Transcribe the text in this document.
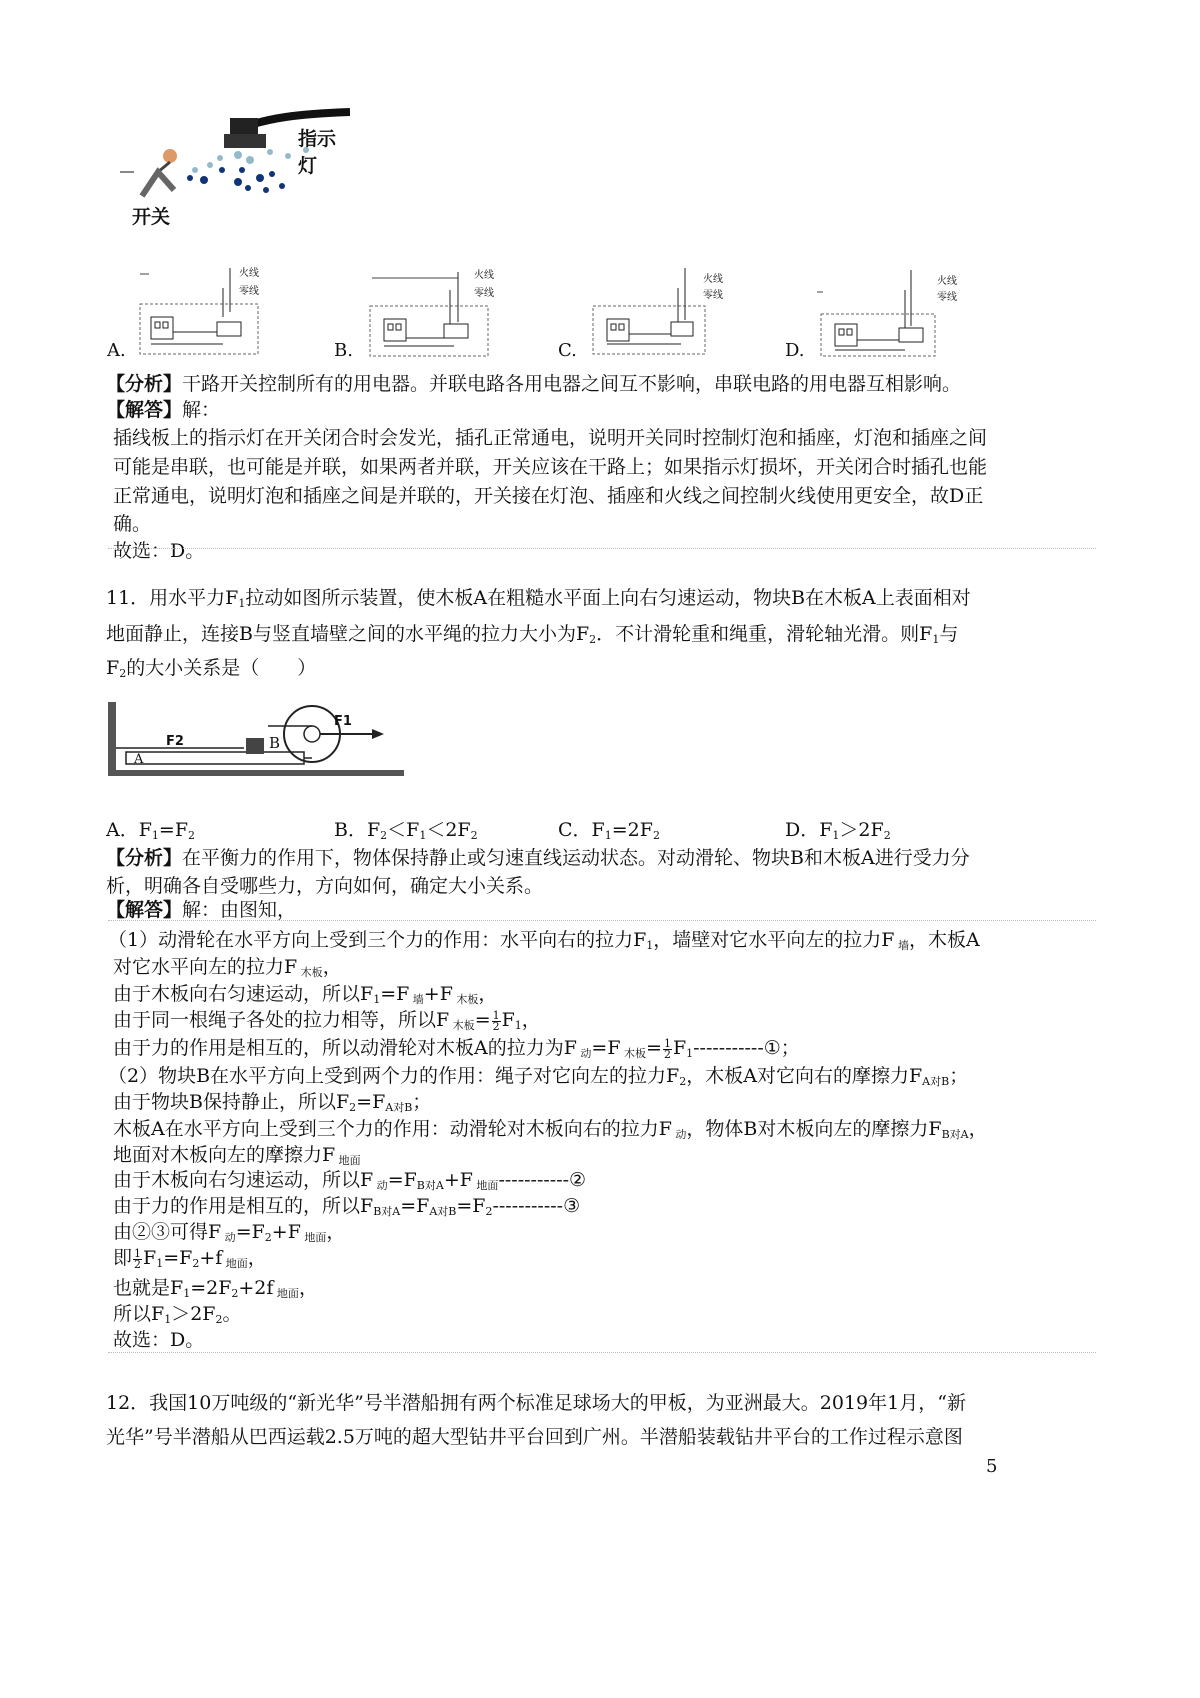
指示灯
开关
火线
零线
A.
火线
零线
B.
火线
零线
C.
火线
零线
D.
【分析】干路开关控制所有的用电器。并联电路各用电器之间互不影响，串联电路的用电器互相影响。
【解答】解：
插线板上的指示灯在开关闭合时会发光，插孔正常通电，说明开关同时控制灯泡和插座，灯泡和插座之间
可能是串联，也可能是并联，如果两者并联，开关应该在干路上；如果指示灯损坏，开关闭合时插孔也能
正常通电，说明灯泡和插座之间是并联的，开关接在灯泡、插座和火线之间控制火线使用更安全，故D正
确。
故选：D。
11．用水平力$F_1$拉动如图所示装置，使木板A在粗糙水平面上向右匀速运动，物块B在木板A上表面相对
地面静止，连接B与竖直墙壁之间的水平绳的拉力大小为$F_2$．不计滑轮重和绳重，滑轮轴光滑。则$F_1$与
$F_2$的大小关系是（　　）
F2	B
F1
A
A．$F_1=F_2$	B．$F_2<F_1<2F_2$	C．$F_1=2F_2$	D．$F_1>2F_2$
【分析】在平衡力的作用下，物体保持静止或匀速直线运动状态。对动滑轮、物块B和木板A进行受力分
析，明确各自受哪些力，方向如何，确定大小关系。
【解答】解：由图知，
（1）动滑轮在水平方向上受到三个力的作用：水平向右的拉力$F_1$，墙壁对它水平向左的拉力F $_墙$，木板A
对它水平向左的拉力F $_{木板}$，
由于木板向右匀速运动，所以$F_1=F$ $_墙$+F $_{木板}$，
由于同一根绳子各处的拉力相等，所以F $_{木板}= \frac{1}{2} F_1$，
由于力的作用是相互的，所以动滑轮对木板A的拉力为F $_动$=F $_{木板}= \frac{1}{2}$ $F_1-----------①$；
（2）物块B在水平方向上受到两个力的作用：绳子对它向左的拉力$F_2$，木板A对它向右的摩擦力$F_{A对B}$；
由于物块B保持静止，所以$F_2=F_{A对B}$；
木板A在水平方向上受到三个力的作用：动滑轮对木板向右的拉力F $_动$，物体B对木板向左的摩擦力$F_{B对A}$，
地面对木板向左的摩擦力F $_{地面}$
由于木板向右匀速运动，所以F $_动=F_{B对A}+F$ $_{地面}$-----------②
由于力的作用是相互的，所以$F_{B对A}=F_{A对B}=F_2-----------③$
由②③可得F $_动=F_2+F$ $_{地面}$，
即 $\frac{1}{2} F_1=F_2+f$ $_{地面}$，
也就是$F_1=2F_2+2f$ $_{地面}$，
所以$F_1>2F_2$。
故选：D。
12．我国10万吨级的“新光华”号半潜船拥有两个标准足球场大的甲板，为亚洲最大。2019年1月，“新
光华”号半潜船从巴西运载2.5万吨的超大型钻井平台回到广州。半潜船装载钻井平台的工作过程示意图
5
